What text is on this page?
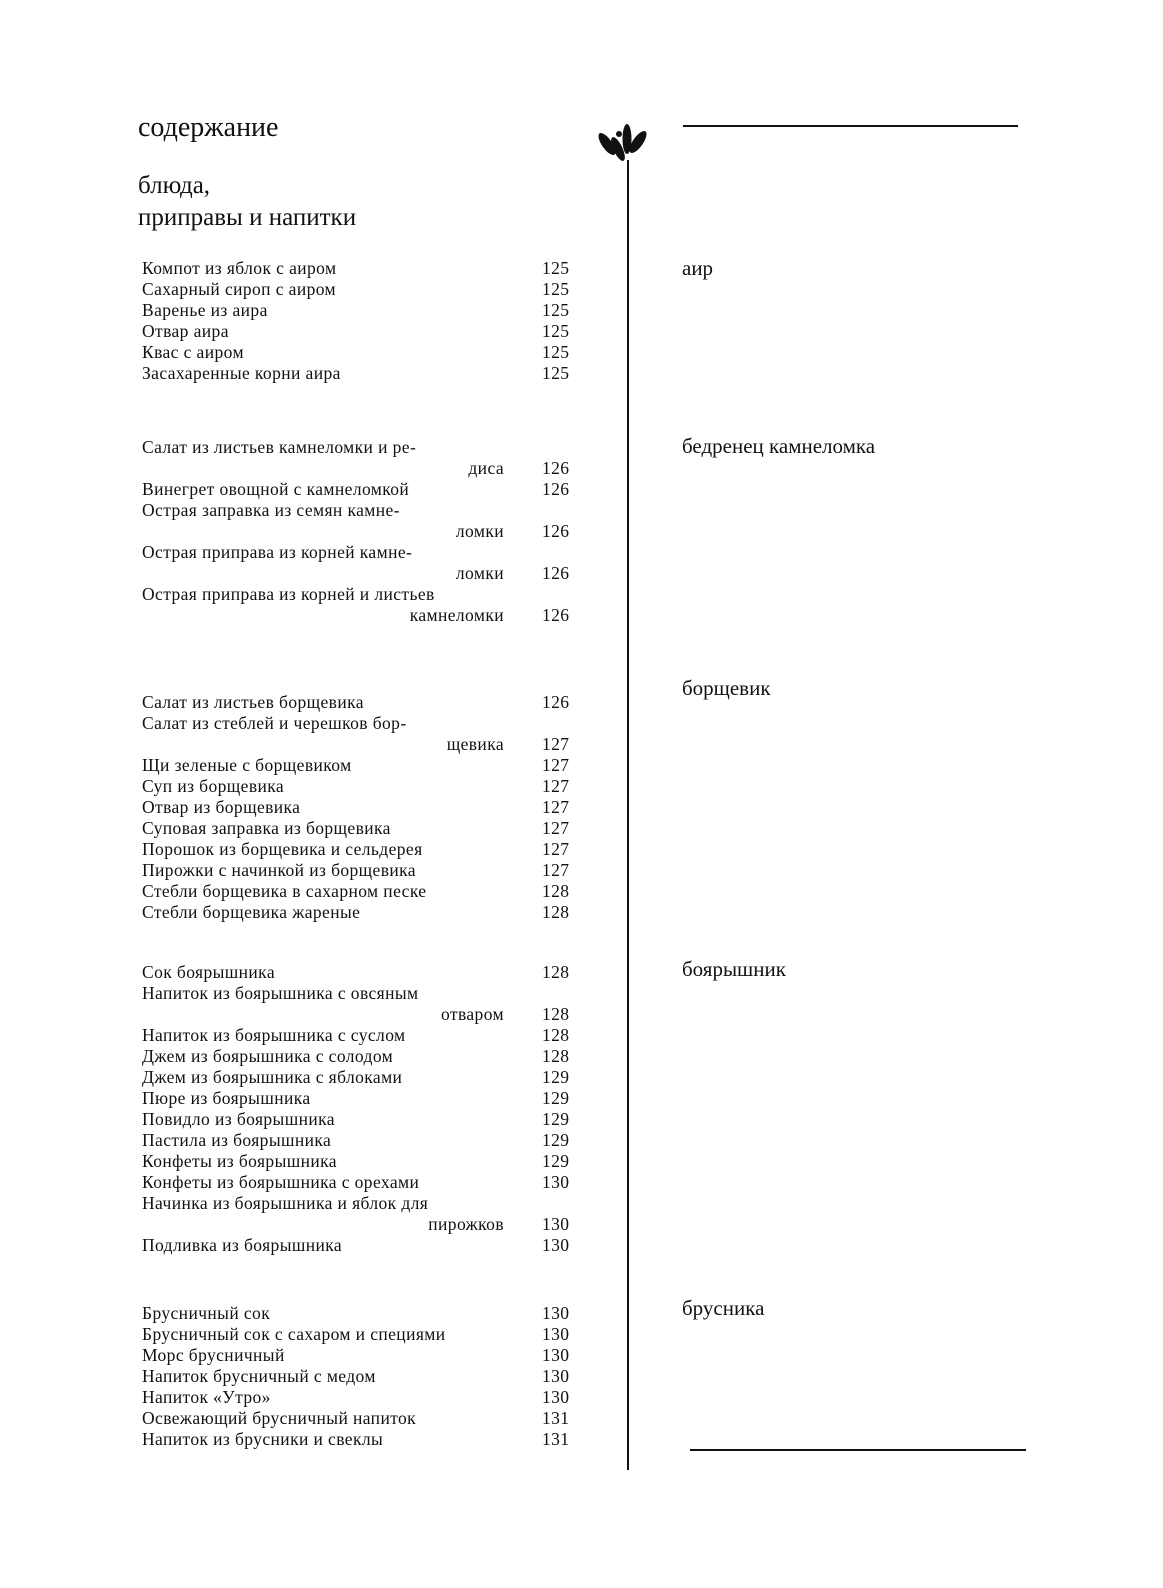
содержание
блюда,
приправы и напитки
аир
Компот из яблок с аиром	125
Сахарный сироп с аиром	125
Варенье из аира	125
Отвар аира	125
Квас с аиром	125
Засахаренные корни аира	125
бедренец камнеломка
Салат из листьев камнеломки и ре-
диса 126
Винегрет овощной с камнеломкой	126
Острая заправка из семян камне-
ломки 126
Острая приправа из корней камне-
ломки 126
Острая приправа из корней и листьев
камнеломки 126
борщевик
Салат из листьев борщевика	126
Салат из стеблей и черешков бор-
щевика 127
Щи зеленые с борщевиком	127
Суп из борщевика	127
Отвар из борщевика	127
Суповая заправка из борщевика	127
Порошок из борщевика и сельдерея	127
Пирожки с начинкой из борщевика	127
Стебли борщевика в сахарном песке	128
Стебли борщевика жареные	128
боярышник
Сок боярышника	128
Напиток из боярышника с овсяным
отваром 128
Напиток из боярышника с суслом	128
Джем из боярышника с солодом	128
Джем из боярышника с яблоками	129
Пюре из боярышника	129
Повидло из боярышника	129
Пастила из боярышника	129
Конфеты из боярышника	129
Конфеты из боярышника с орехами	130
Начинка из боярышника и яблок для
пирожков 130
Подливка из боярышника	130
брусника
Брусничный сок	130
Брусничный сок с сахаром и специями	130
Морс брусничный	130
Напиток брусничный с медом	130
Напиток «Утро»	130
Освежающий брусничный напиток	131
Напиток из брусники и свеклы	131
